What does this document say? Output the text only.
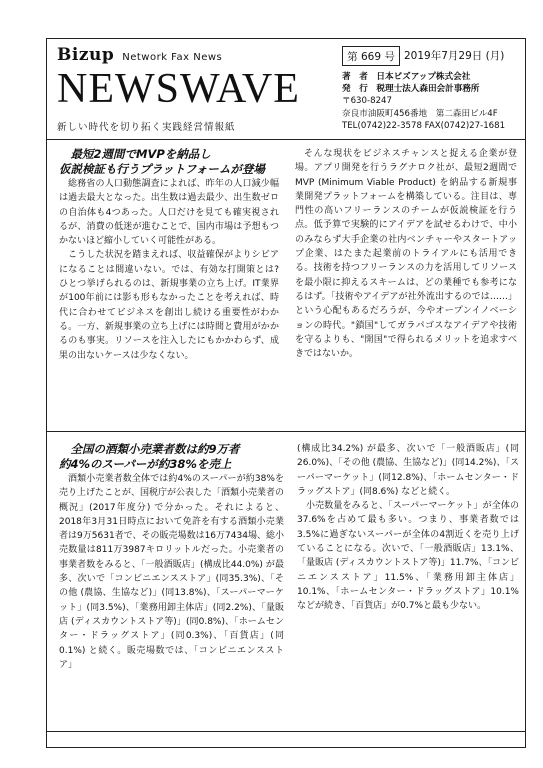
Bizup Network Fax News
NEWSWAVE
新しい時代を切り拓く実践経営情報紙
第 669 号 2019年7月29日 (月)
著　者　日本ビズアップ株式会社
発　行　税理士法人森田会計事務所
〒630-8247
奈良市油阪町456番地　第二森田ビル4F
TEL(0742)22-3578 FAX(0742)27-1681

最短2週間でMVPを納品し
仮説検証も行うプラットフォームが登場

総務省の人口動態調査によれば、昨年の人口減少幅は過去最大となった。出生数は過去最少、出生数ゼロの自治体も4つあった。人口だけを見ても確実視されるが、消費の低迷が進むことで、国内市場は予想もつかないほど縮小していく可能性がある。

こうした状況を踏まえれば、収益確保がよりシビアになることは間違いない。では、有効な打開策とは?ひとつ挙げられるのは、新規事業の立ち上げ。IT業界が100年前には影も形もなかったことを考えれば、時代に合わせてビジネスを創出し続ける重要性がわかる。一方、新規事業の立ち上げには時間と費用がかかるのも事実。リソースを注入したにもかかわらず、成果の出ないケースは少なくない。

そんな現状をビジネスチャンスと捉える企業が登場。アプリ開発を行うラグナロク社が、最短2週間でMVP (Minimum Viable Product) を納品する新規事業開発プラットフォームを構築している。注目は、専門性の高いフリーランスのチームが仮説検証を行う点。低予算で実験的にアイデアを試せるわけで、中小のみならず大手企業の社内ベンチャーやスタートアップ企業、はたまた起業前のトライアルにも活用できる。技術を持つフリーランスの力を活用してリソースを最小限に抑えるスキームは、どの業種でも参考になるはず。「技術やアイデアが社外流出するのでは……」という心配もあるだろうが、今やオープンイノベーションの時代。"鎖国"してガラパゴスなアイデアや技術を守るよりも、"開国"で得られるメリットを追求すべきではないか。

全国の酒類小売業者数は約9万者
約4%のスーパーが約38%を売上

酒類小売業者数全体では約4%のスーパーが約38%を売り上げたことが、国税庁が公表した「酒類小売業者の概況」(2017年度分) で分かった。それによると、2018年3月31日時点において免許を有する酒類小売業者は9万5631者で、その販売場数は16万7434場、総小売数量は811万3987キロリットルだった。小売業者の事業者数をみると、「一般酒販店」(構成比44.0%) が最多、次いで「コンビニエンスストア」(同35.3%)、「その他 (農協、生協など)」(同13.8%)、「スーパーマーケット」(同3.5%)、「業務用卸主体店」(同2.2%)、「量販店 (ディスカウントストア等)」(同0.8%)、「ホームセンター・ドラッグストア」(同0.3%)、「百貨店」(同0.1%) と続く。販売場数では、「コンビニエンスストア」

(構成比34.2%) が最多、次いで「一般酒販店」(同26.0%)、「その他 (農協、生協など)」(同14.2%)、「スーパーマーケット」(同12.8%)、「ホームセンター・ドラッグストア」(同8.6%) などと続く。

小売数量をみると、「スーパーマーケット」が全体の37.6%を占めて最も多い。つまり、事業者数では3.5%に過ぎないスーパーが全体の4割近くを売り上げていることになる。次いで、「一般酒販店」13.1%、「量販店 (ディスカウントストア等)」11.7%、「コンビニエンスストア」11.5%、「業務用卸主体店」10.1%、「ホームセンター・ドラッグストア」10.1%などが続き、「百貨店」が0.7%と最も少ない。
